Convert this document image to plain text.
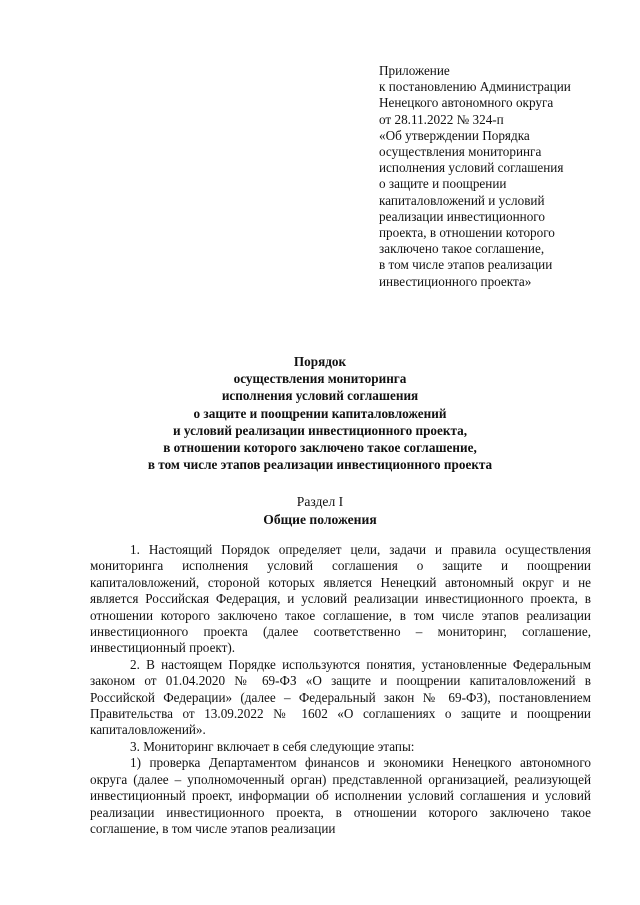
Приложение
к постановлению Администрации
Ненецкого автономного округа
от 28.11.2022 № 324-п
«Об утверждении Порядка
осуществления мониторинга
исполнения условий соглашения
о защите и поощрении
капиталовложений и условий
реализации инвестиционного
проекта, в отношении которого
заключено такое соглашение,
в том числе этапов реализации
инвестиционного проекта»
Порядок
осуществления мониторинга
исполнения условий соглашения
о защите и поощрении капиталовложений
и условий реализации инвестиционного проекта,
в отношении которого заключено такое соглашение,
в том числе этапов реализации инвестиционного проекта
Раздел I
Общие положения

1. Настоящий Порядок определяет цели, задачи и правила осуществления мониторинга исполнения условий соглашения о защите и поощрении капиталовложений, стороной которых является Ненецкий автономный округ и не является Российская Федерация, и условий реализации инвестиционного проекта, в отношении которого заключено такое соглашение, в том числе этапов реализации инвестиционного проекта (далее соответственно – мониторинг, соглашение, инвестиционный проект).

2. В настоящем Порядке используются понятия, установленные Федеральным законом от 01.04.2020 № 69-ФЗ «О защите и поощрении капиталовложений в Российской Федерации» (далее – Федеральный закон № 69-ФЗ), постановлением Правительства от 13.09.2022 № 1602 «О соглашениях о защите и поощрении капиталовложений».

3. Мониторинг включает в себя следующие этапы:

1) проверка Департаментом финансов и экономики Ненецкого автономного округа (далее – уполномоченный орган) представленной организацией, реализующей инвестиционный проект, информации об исполнении условий соглашения и условий реализации инвестиционного проекта, в отношении которого заключено такое соглашение, в том числе этапов реализации
